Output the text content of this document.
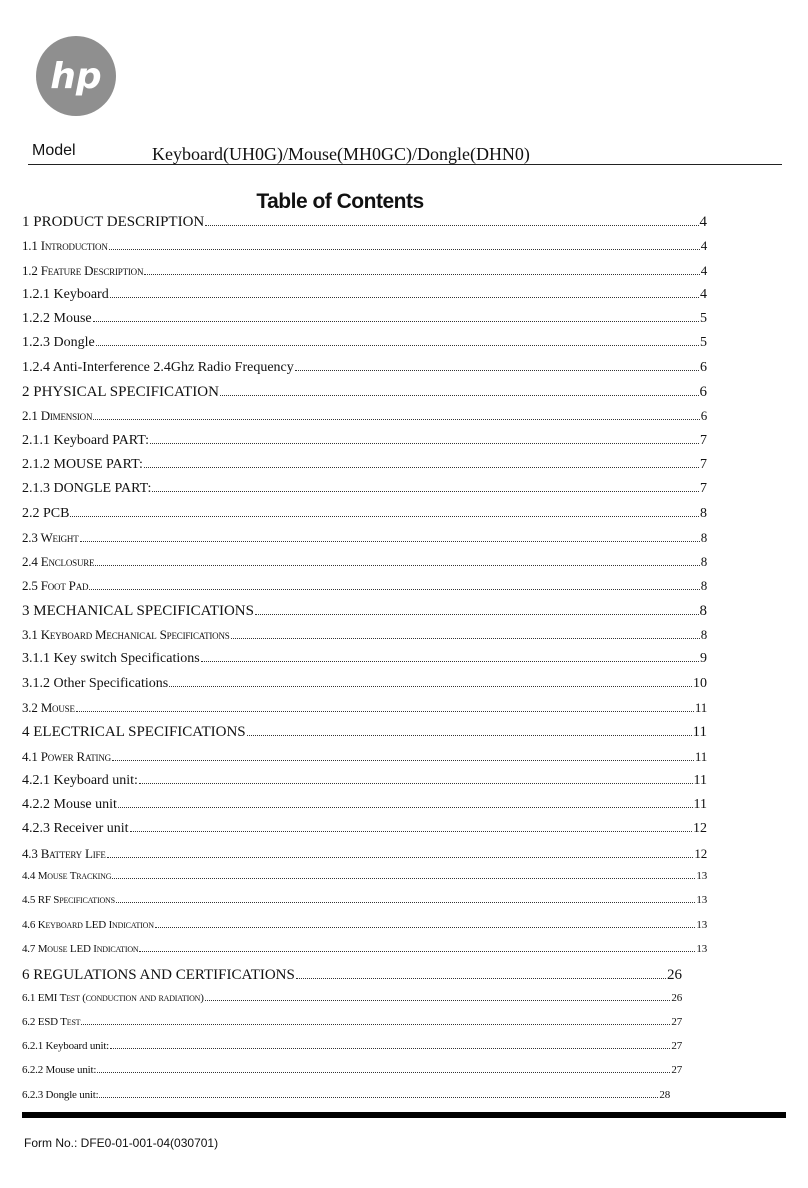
hp
Model	Keyboard(UH0G)/Mouse(MH0GC)/Dongle(DHN0)
Table of Contents
1 PRODUCT DESCRIPTION	4
1.1 Introduction	4
1.2 Feature Description	4
1.2.1 Keyboard	4
1.2.2 Mouse	5
1.2.3 Dongle	5
1.2.4 Anti-Interference 2.4Ghz Radio Frequency	6
2 PHYSICAL SPECIFICATION	6
2.1 Dimension	6
2.1.1 Keyboard PART:	7
2.1.2 MOUSE PART:	7
2.1.3 DONGLE PART:	7
2.2 PCB	8
2.3 Weight	8
2.4 Enclosure	8
2.5 Foot Pad	8
3 MECHANICAL SPECIFICATIONS	8
3.1 Keyboard Mechanical Specifications	8
3.1.1 Key switch Specifications	9
3.1.2 Other Specifications	10
3.2 Mouse	11
4 ELECTRICAL SPECIFICATIONS	11
4.1 Power Rating	11
4.2.1 Keyboard unit:	11
4.2.2 Mouse unit	11
4.2.3 Receiver unit	12
4.3 Battery Life	12
4.4 Mouse Tracking	13
4.5 RF Specifications	13
4.6 Keyboard LED Indication	13
4.7 Mouse LED Indication	13
6 REGULATIONS AND CERTIFICATIONS	26
6.1 EMI Test (conduction and radiation)	26
6.2 ESD Test	27
6.2.1 Keyboard unit:	27
6.2.2 Mouse unit:	27
6.2.3 Dongle unit:	28
Form No.: DFE0-01-001-04(030701)
